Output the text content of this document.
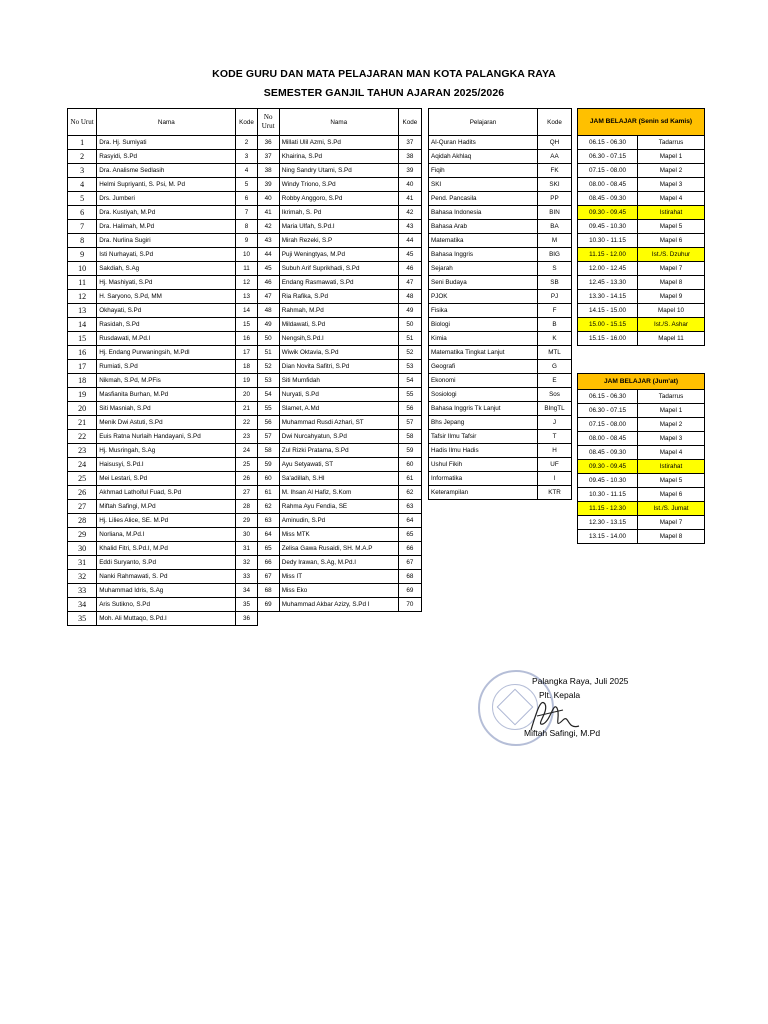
KODE GURU DAN MATA PELAJARAN MAN KOTA PALANGKA RAYA
SEMESTER GANJIL TAHUN AJARAN 2025/2026
No Urut	Nama	Kode	No Urut	Nama	Kode
1	Dra. Hj. Sumiyati	2	36	Millati Ulil Azmi, S.Pd	37
2	Rasyidi, S.Pd	3	37	Khairina, S.Pd	38
3	Dra. Analisme Sedlasih	4	38	Ning Sandry Utami, S.Pd	39
4	Helmi Supriyanti, S. Psi, M. Pd	5	39	Windy Triono, S.Pd	40
5	Drs. Jumberi	6	40	Robby Anggoro, S.Pd	41
6	Dra. Kustiyah, M.Pd	7	41	Ikrimah, S. Pd	42
7	Dra. Halimah, M.Pd	8	42	Maria Ulfah, S.Pd.I	43
8	Dra. Nurlina Sugiri	9	43	Mirah Rezeki, S.P	44
9	Isti Nurhayati, S.Pd	10	44	Puji Weningtyas, M.Pd	45
10	Sakdiah, S.Ag	11	45	Subuh Arif Suprikhadi, S.Pd	46
11	Hj. Mashiyati, S.Pd	12	46	Endang Rasmawati, S.Pd	47
12	H. Saryono, S.Pd, MM	13	47	Ria Rafika, S.Pd	48
13	Okhayati, S.Pd	14	48	Rahmah, M.Pd	49
14	Rasidah, S.Pd	15	49	Mildawati, S.Pd	50
15	Rusdawati, M.Pd.I	16	50	Nengsih,S.Pd.I	51
16	Hj. Endang Purwaningsih, M.Pdl	17	51	Wiwik Oktavia, S.Pd	52
17	Rumiati, S.Pd	18	52	Dian Novita Safitri, S.Pd	53
18	Nikmah, S.Pd, M.PFis	19	53	Siti Mumfidah	54
19	Masfianita Burhan, M.Pd	20	54	Nuryati, S.Pd	55
20	Siti Masniah, S.Pd	21	55	Slamet, A.Md	56
21	Menik Dwi Astuti, S.Pd	22	56	Muhammad Rusdi Azhari, ST	57
22	Euis Ratna Nurlaih Handayani, S.Pd	23	57	Dwi Nurcahyatun, S.Pd	58
23	Hj. Musringah, S.Ag	24	58	Zul Rizki Pratama, S.Pd	59
24	Haisusyi, S.Pd.I	25	59	Ayu Setyawati, ST	60
25	Mei Lestari, S.Pd	26	60	Sa'adillah, S.HI	61
26	Akhmad Lathoiful Fuad, S.Pd	27	61	M. Ihsan Al Hafiz, S.Kom	62
27	Miftah Safingi, M.Pd	28	62	Rahma Ayu Fendia, SE	63
28	Hj. Lilies Alice, SE. M.Pd	29	63	Aminudin, S.Pd	64
29	Norliana, M.Pd.I	30	64	Miss MTK	65
30	Khalid Fitri, S.Pd.I, M.Pd	31	65	Zelisa Gawa Rusaidi, SH. M.A.P	66
31	Eddi Suryanto, S.Pd	32	66	Dedy Irawan, S.Ag, M.Pd.I	67
32	Nanki Rahmawati, S. Pd	33	67	Miss IT	68
33	Muhammad Idris, S.Ag	34	68	Miss Eko	69
34	Aris Sutikno, S.Pd	35	69	Muhammad Akbar Azizy, S.Pd I	70
35	Moh. Ali Muttaqo, S.Pd.I	36			
Pelajaran	Kode
Al-Quran Hadits	QH
Aqidah Akhlaq	AA
Fiqih	FK
SKI	SKI
Pend. Pancasila	PP
Bahasa Indonesia	BIN
Bahasa Arab	BA
Matematika	M
Bahasa Inggris	BIG
Sejarah	S
Seni Budaya	SB
PJOK	PJ
Fisika	F
Biologi	B
Kimia	K
Matematika Tingkat Lanjut	MTL
Geografi	G
Ekonomi	E
Sosiologi	Sos
Bahasa Inggris Tk Lanjut	BIngTL
Bhs Jepang	J
Tafsir Ilmu Tafsir	T
Hadis Ilmu Hadis	H
Ushul Fikih	UF
Informatika	I
Keterampilan	KTR
JAM BELAJAR (Senin sd Kamis)	
06.15 - 06.30	Tadarrus
06.30 - 07.15	Mapel 1
07.15 - 08.00	Mapel 2
08.00 - 08.45	Mapel 3
08.45 - 09.30	Mapel 4
09.30 - 09.45	Istirahat
09.45 - 10.30	Mapel 5
10.30 - 11.15	Mapel 6
11.15 - 12.00	Ist./S. Dzuhur
12.00 - 12.45	Mapel 7
12.45 - 13.30	Mapel 8
13.30 - 14.15	Mapel 9
14.15 - 15.00	Mapel 10
15.00 - 15.15	Ist./S. Ashar
15.15 - 16.00	Mapel 11
JAM BELAJAR (Jum'at)	
06.15 - 06.30	Tadarrus
06.30 - 07.15	Mapel 1
07.15 - 08.00	Mapel 2
08.00 - 08.45	Mapel 3
08.45 - 09.30	Mapel 4
09.30 - 09.45	Istirahat
09.45 - 10.30	Mapel 5
10.30 - 11.15	Mapel 6
11.15 - 12.30	Ist./S. Jumat
12.30 - 13.15	Mapel 7
13.15 - 14.00	Mapel 8
Palangka Raya, Juli 2025
Plt. Kepala
Miftah Safingi, M.Pd
